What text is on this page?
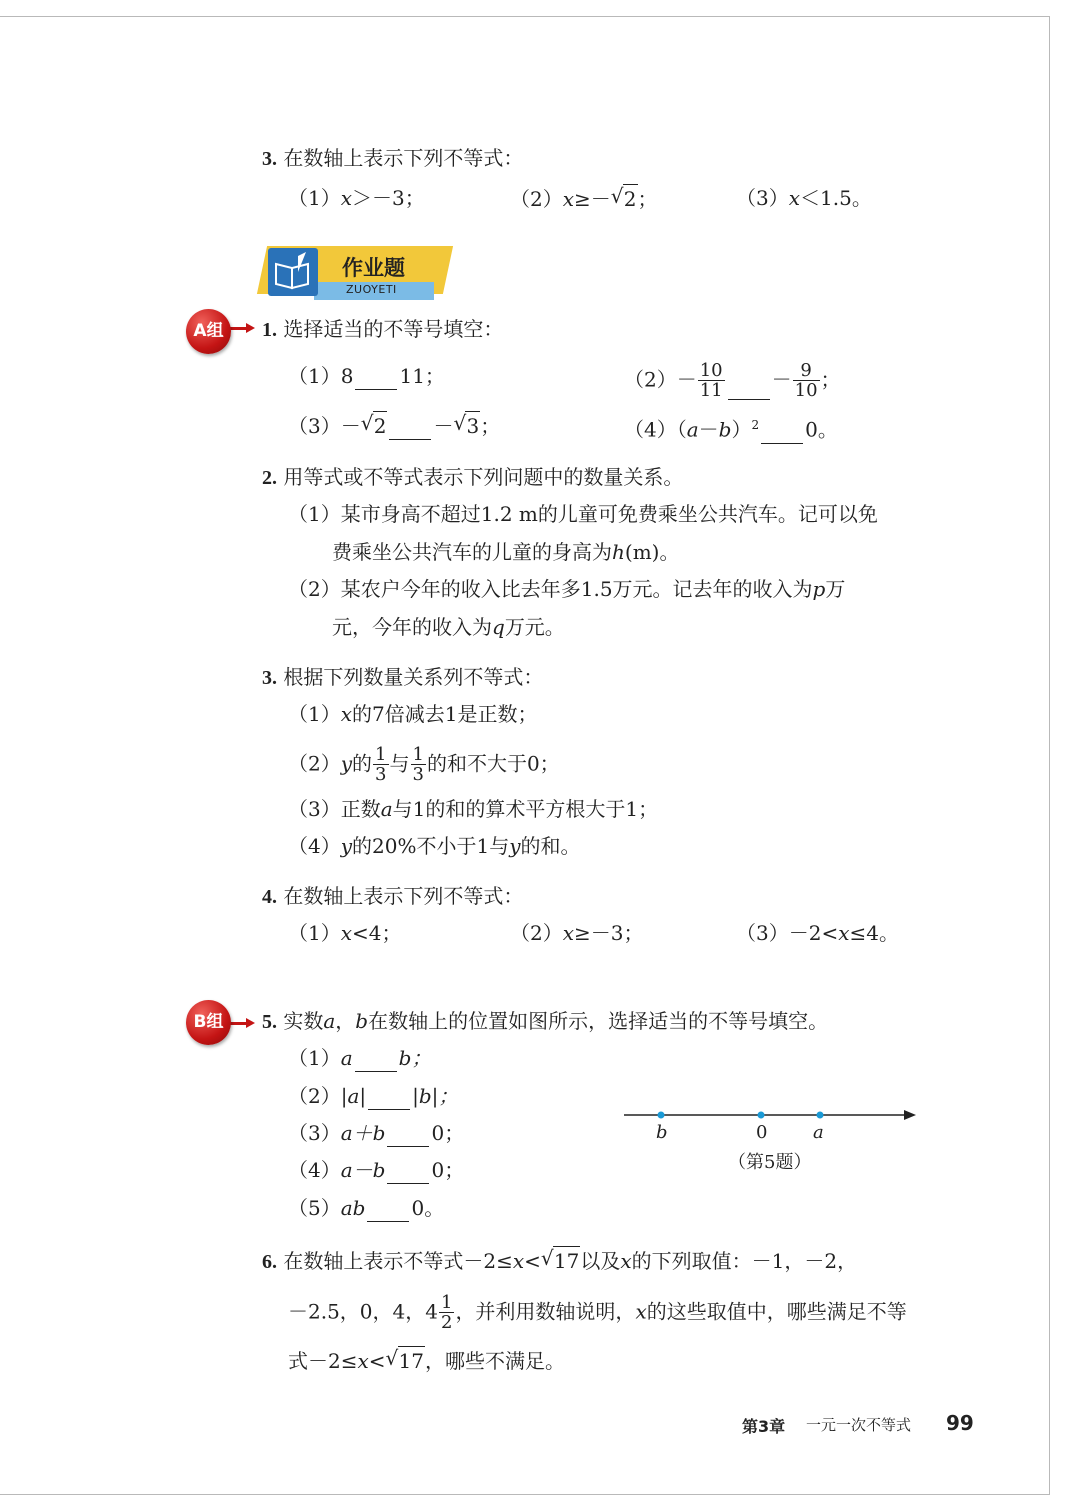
3. 在数轴上表示下列不等式：
（1）x＞－3；	（2）x≥－ √ 2；	（3）x＜1.5。
作业题
ZUOYETI
A组	1. 选择适当的不等号填空：
（1）8 11；	$(2)- \frac{10}{11} - \frac{9}{10}$ ；
（3）－ √ 2 － √ 3；	$(4)(a-b)^2$ 0。
2. 用等式或不等式表示下列问题中的数量关系。
（1）某市身高不超过1.2 m的儿童可免费乘坐公共汽车。记可以免
费乘坐公共汽车的儿童的身高为h(m)。
（2）某农户今年的收入比去年多1.5万元。记去年的收入为p万
元，今年的收入为q万元。
3. 根据下列数量关系列不等式：
（1）x的7倍减去1是正数；
（2）y的 $\frac{1}{3}$ 与 $\frac{1}{3}$ 的和不大于0；
（3）正数a与1的和的算术平方根大于1；
（4）y的20%不小于1与y的和。
4. 在数轴上表示下列不等式：
（1）x<4；	（2）x≥－3；	（3）－2<x≤4。
B组	5. 实数a，b在数轴上的位置如图所示，选择适当的不等号填空。
（1）a b；
（2）|a| |b|；
（3）a＋b 0；
（4）a－b 0；
（5）ab 0。
b	0	a
（第5题）
6. 在数轴上表示不等式－2≤x< √ 17以及x的下列取值：－1，－2，
－2.5，0，4，$4 \frac{1}{2}$ ，并利用数轴说明，x的这些取值中，哪些满足不等
式－2≤x< √ 17，哪些不满足。
第3章 一元一次不等式 99
